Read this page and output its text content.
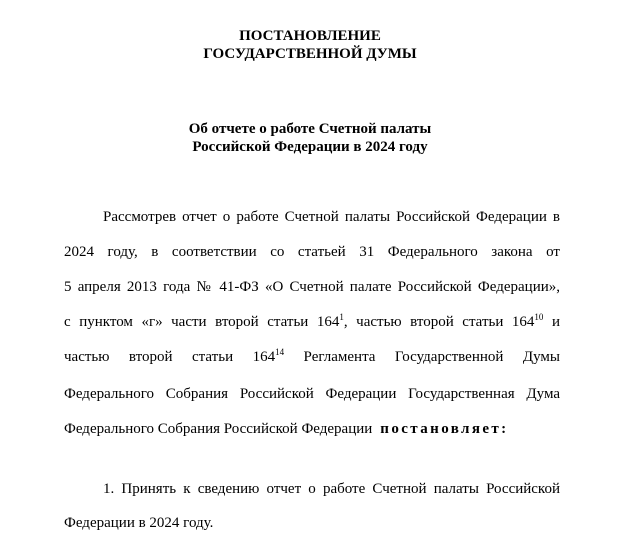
ПОСТАНОВЛЕНИЕ
ГОСУДАРСТВЕННОЙ ДУМЫ
Об отчете о работе Счетной палаты
Российской Федерации в 2024 году
Рассмотрев отчет о работе Счетной палаты Российской Федерации в
2024 году, в соответствии со статьей 31 Федерального закона от
5 апреля 2013 года № 41-ФЗ «О Счетной палате Российской Федерации»,
с пунктом «г» части второй статьи $164^1$, частью второй статьи $164^{10}$ и
частью второй статьи $164^{14}$ Регламента Государственной Думы
Федерального Собрания Российской Федерации Государственная Дума
Федерального Собрания Российской Федерации постановляет:
1. Принять к сведению отчет о работе Счетной палаты Российской
Федерации в 2024 году.
